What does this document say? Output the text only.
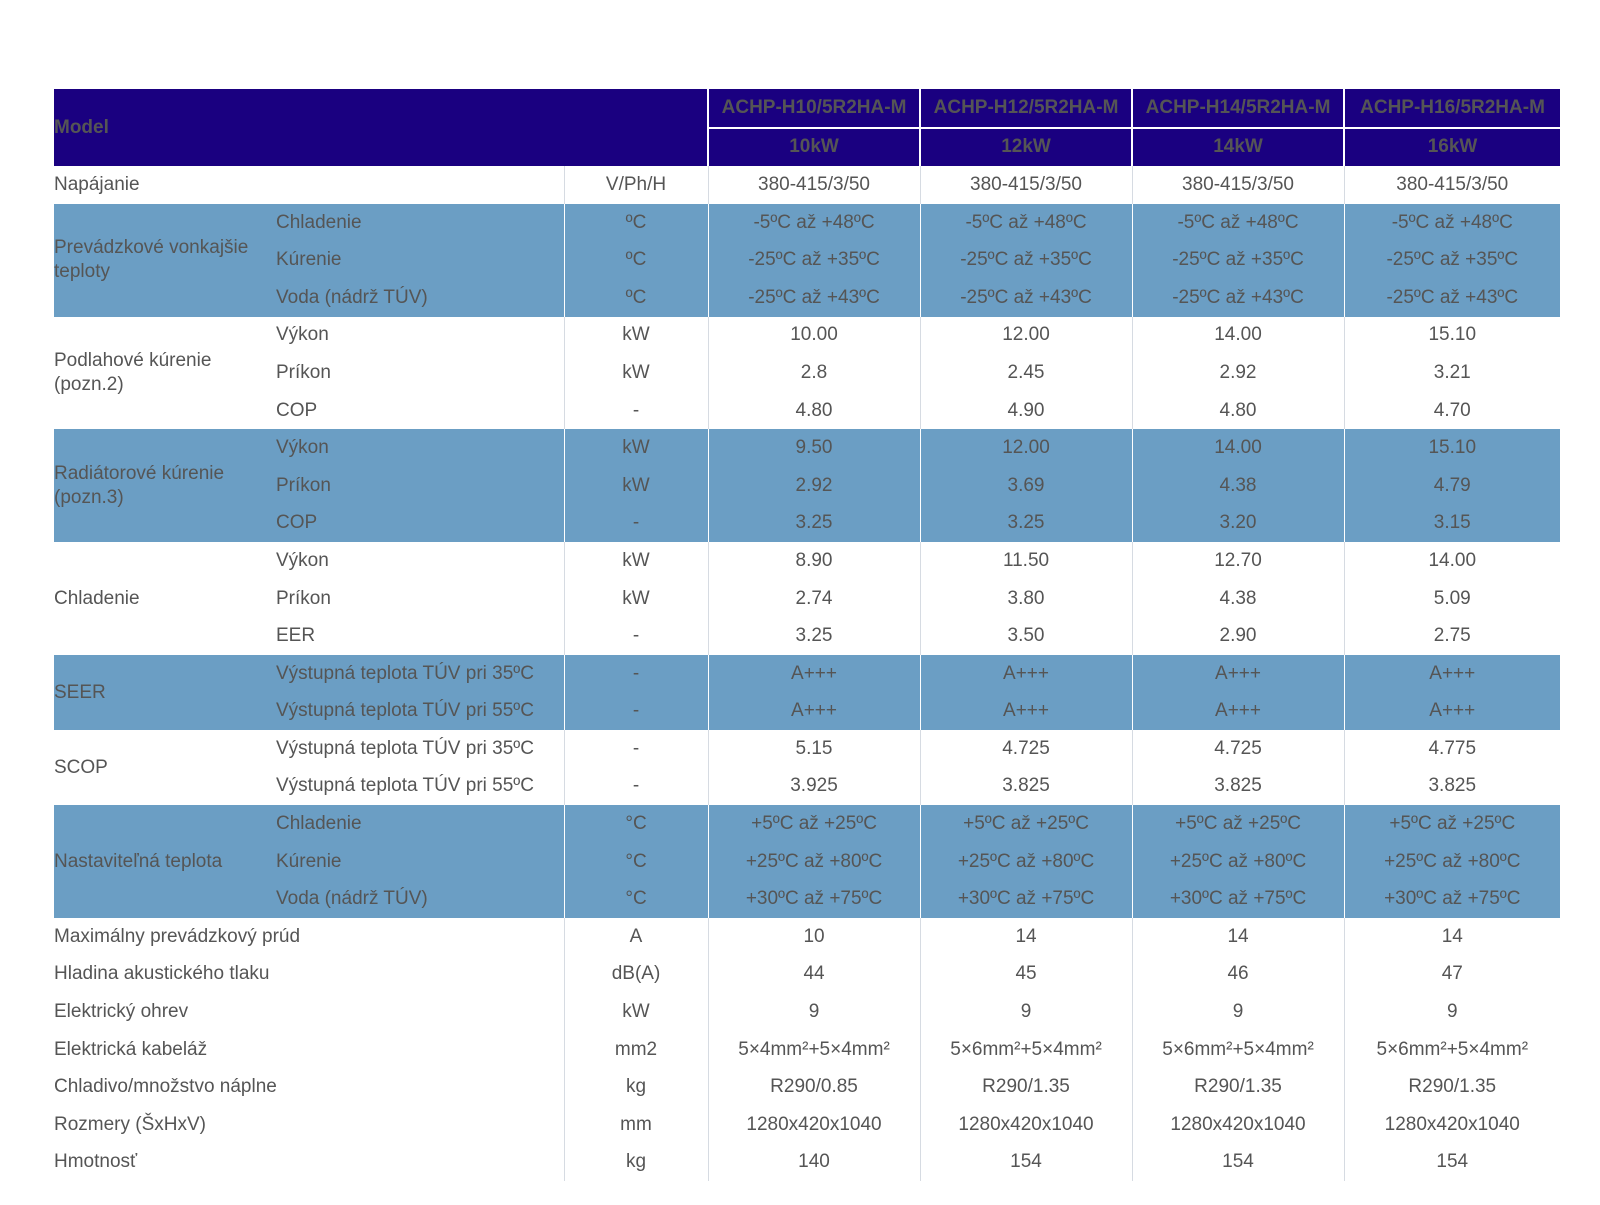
Model			ACHP-H10/5R2HA-M	ACHP-H12/5R2HA-M	ACHP-H14/5R2HA-M	ACHP-H16/5R2HA-M
			10kW	12kW	14kW	16kW
Napájanie		V/Ph/H	380-415/3/50	380-415/3/50	380-415/3/50	380-415/3/50
Prevádzkové vonkajšie teploty	Chladenie	ºC	-5ºC až +48ºC	-5ºC až +48ºC	-5ºC až +48ºC	-5ºC až +48ºC
	Kúrenie	ºC	-25ºC až +35ºC	-25ºC až +35ºC	-25ºC až +35ºC	-25ºC až +35ºC
	Voda (nádrž TÚV)	ºC	-25ºC až +43ºC	-25ºC až +43ºC	-25ºC až +43ºC	-25ºC až +43ºC
Podlahové kúrenie (pozn.2)	Výkon	kW	10.00	12.00	14.00	15.10
	Príkon	kW	2.8	2.45	2.92	3.21
	COP	-	4.80	4.90	4.80	4.70
Radiátorové kúrenie (pozn.3)	Výkon	kW	9.50	12.00	14.00	15.10
	Príkon	kW	2.92	3.69	4.38	4.79
	COP	-	3.25	3.25	3.20	3.15
Chladenie	Výkon	kW	8.90	11.50	12.70	14.00
	Príkon	kW	2.74	3.80	4.38	5.09
	EER	-	3.25	3.50	2.90	2.75
SEER	Výstupná teplota TÚV pri 35ºC	-	A+++	A+++	A+++	A+++
	Výstupná teplota TÚV pri 55ºC	-	A+++	A+++	A+++	A+++
SCOP	Výstupná teplota TÚV pri 35ºC	-	5.15	4.725	4.725	4.775
	Výstupná teplota TÚV pri 55ºC	-	3.925	3.825	3.825	3.825
Nastaviteľná teplota	Chladenie	°C	+5ºC až +25ºC	+5ºC až +25ºC	+5ºC až +25ºC	+5ºC až +25ºC
	Kúrenie	°C	+25ºC až +80ºC	+25ºC až +80ºC	+25ºC až +80ºC	+25ºC až +80ºC
	Voda (nádrž TÚV)	°C	+30ºC až +75ºC	+30ºC až +75ºC	+30ºC až +75ºC	+30ºC až +75ºC
Maximálny prevádzkový prúd		A	10	14	14	14
Hladina akustického tlaku		dB(A)	44	45	46	47
Elektrický ohrev		kW	9	9	9	9
Elektrická kabeláž		mm2	5×4mm²+5×4mm²	5×6mm²+5×4mm²	5×6mm²+5×4mm²	5×6mm²+5×4mm²
Chladivo/množstvo náplne		kg	R290/0.85	R290/1.35	R290/1.35	R290/1.35
Rozmery (ŠxHxV)		mm	1280x420x1040	1280x420x1040	1280x420x1040	1280x420x1040
Hmotnosť		kg	140	154	154	154
